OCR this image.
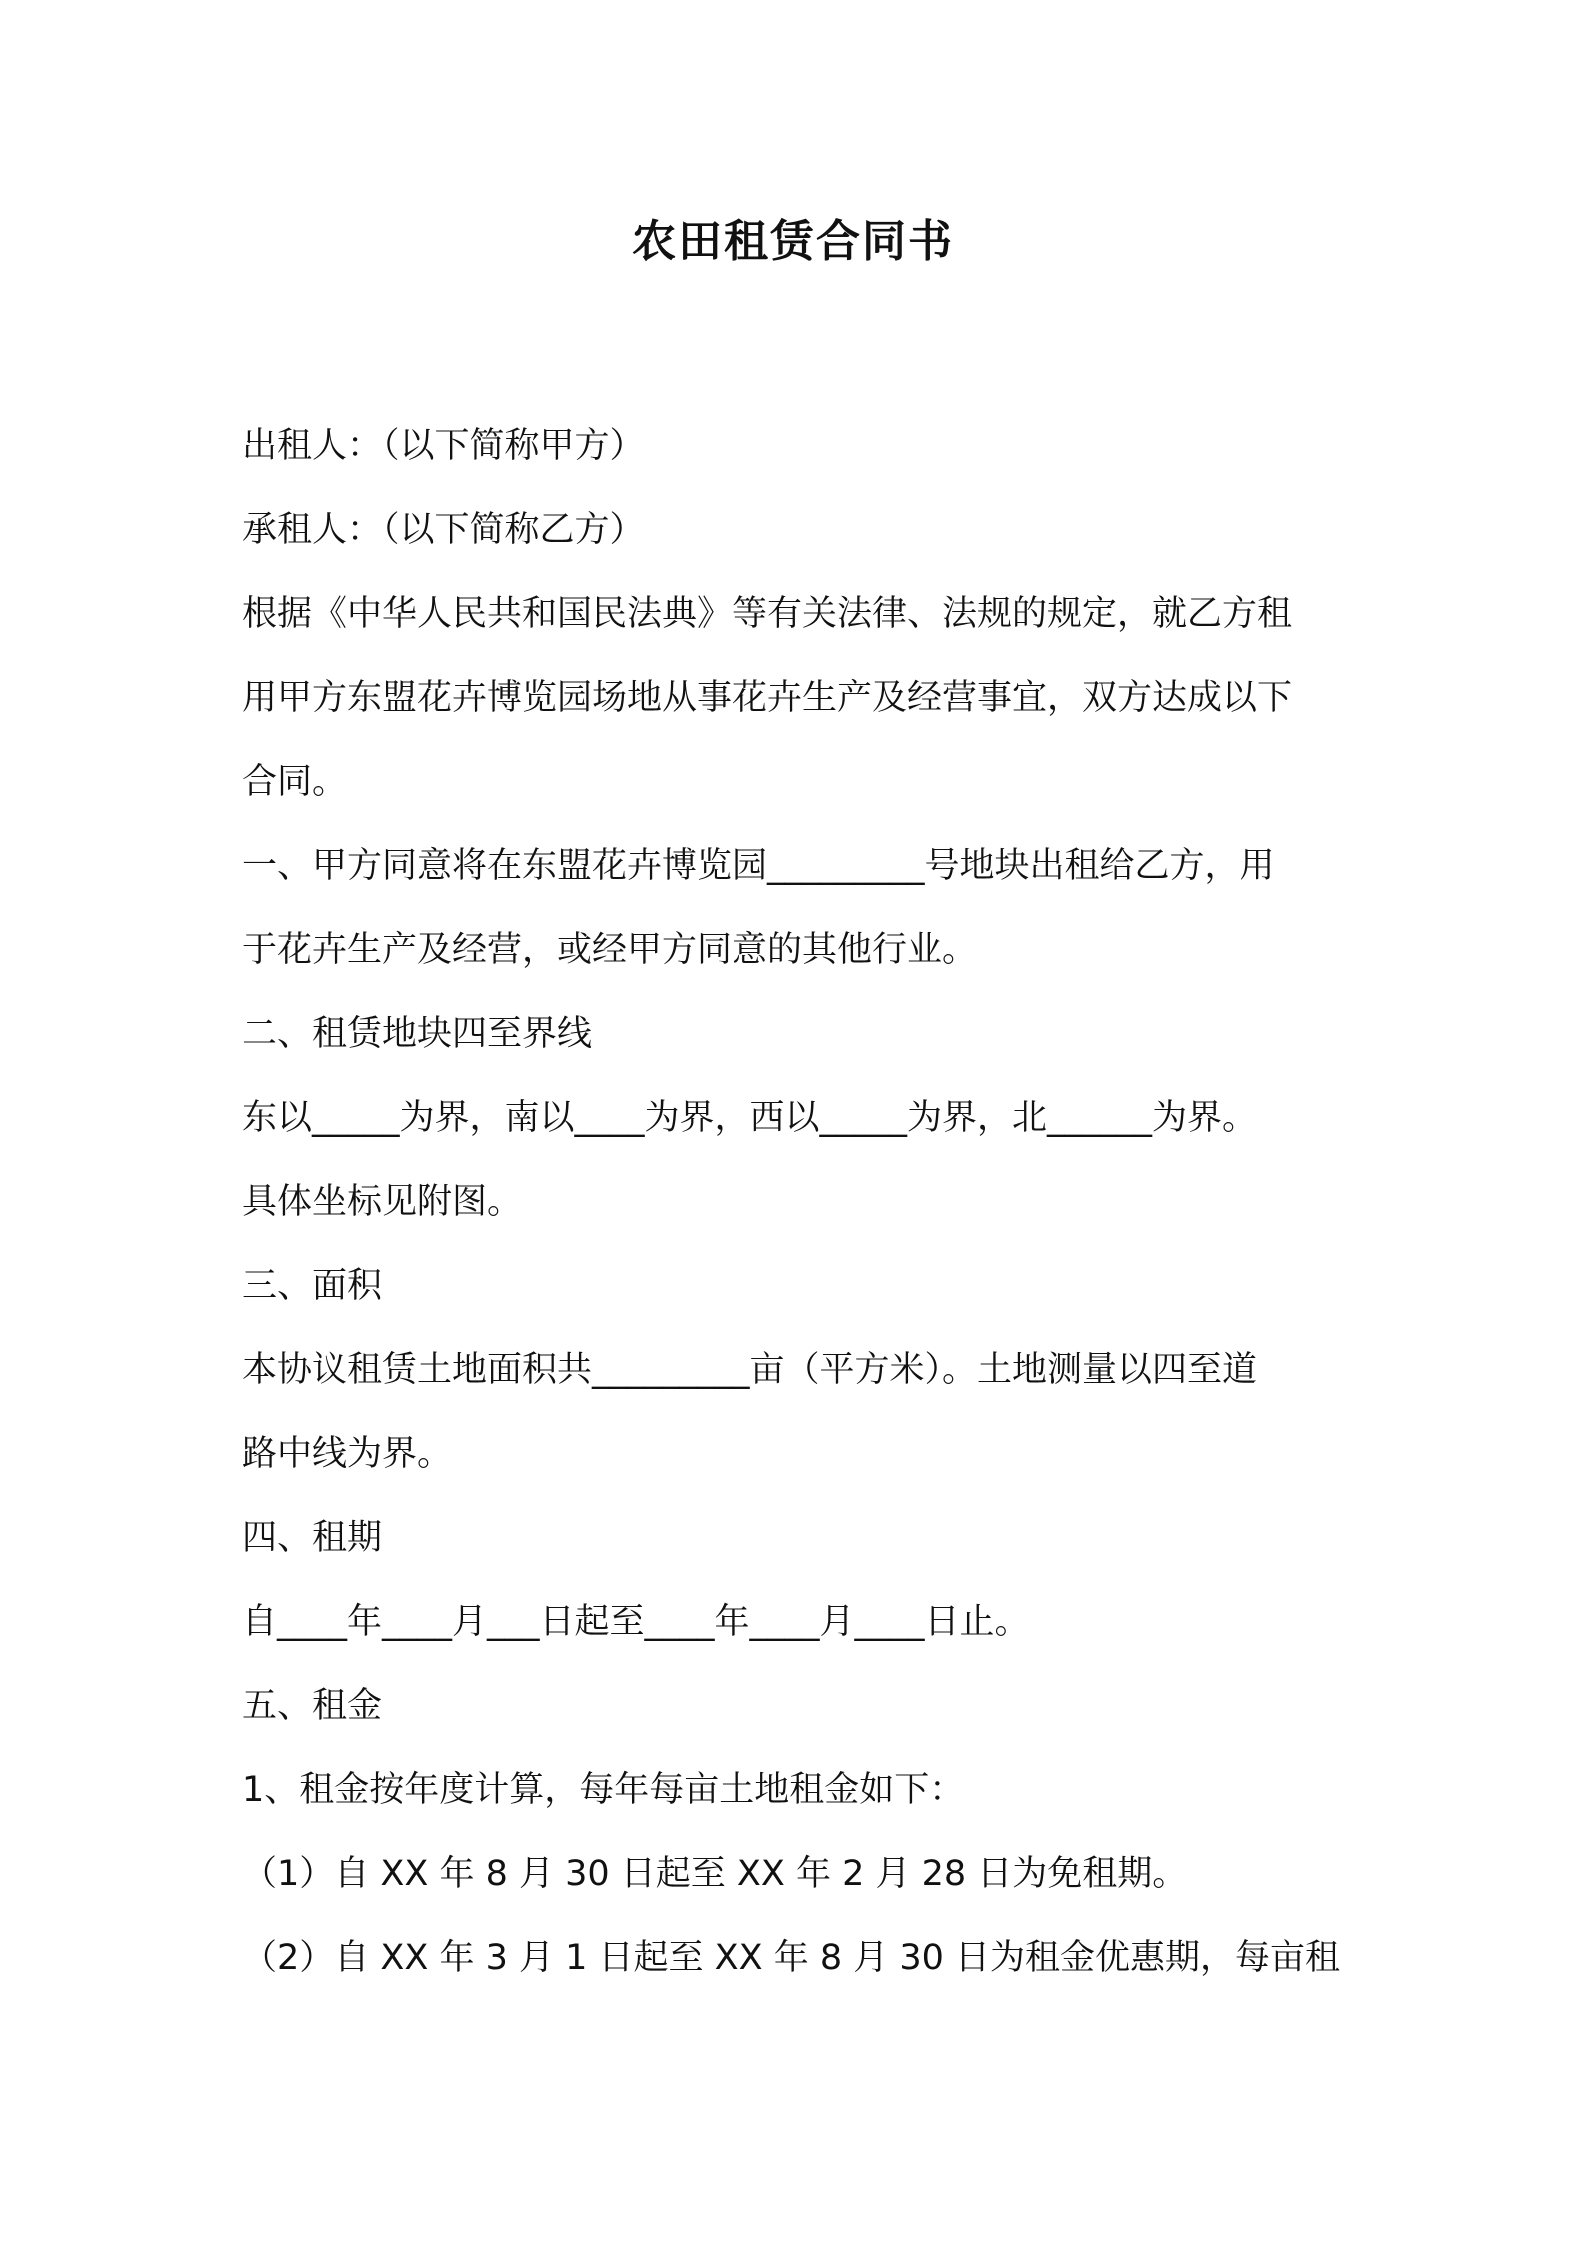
农田租赁合同书
出租人：（以下简称甲方）
承租人：（以下简称乙方）
根据《中华人民共和国民法典》等有关法律、法规的规定，就乙方租
用甲方东盟花卉博览园场地从事花卉生产及经营事宜，双方达成以下
合同。
一、甲方同意将在东盟花卉博览园_________号地块出租给乙方，用
于花卉生产及经营，或经甲方同意的其他行业。
二、租赁地块四至界线
东以_____为界，南以____为界，西以_____为界，北______为界。
具体坐标见附图。
三、面积
本协议租赁土地面积共_________亩（平方米）。土地测量以四至道
路中线为界。
四、租期
自____年____月___日起至____年____月____日止。
五、租金
1、租金按年度计算，每年每亩土地租金如下：
（1）自 XX 年 8 月 30 日起至 XX 年 2 月 28 日为免租期。
（2）自 XX 年 3 月 1 日起至 XX 年 8 月 30 日为租金优惠期，每亩租
